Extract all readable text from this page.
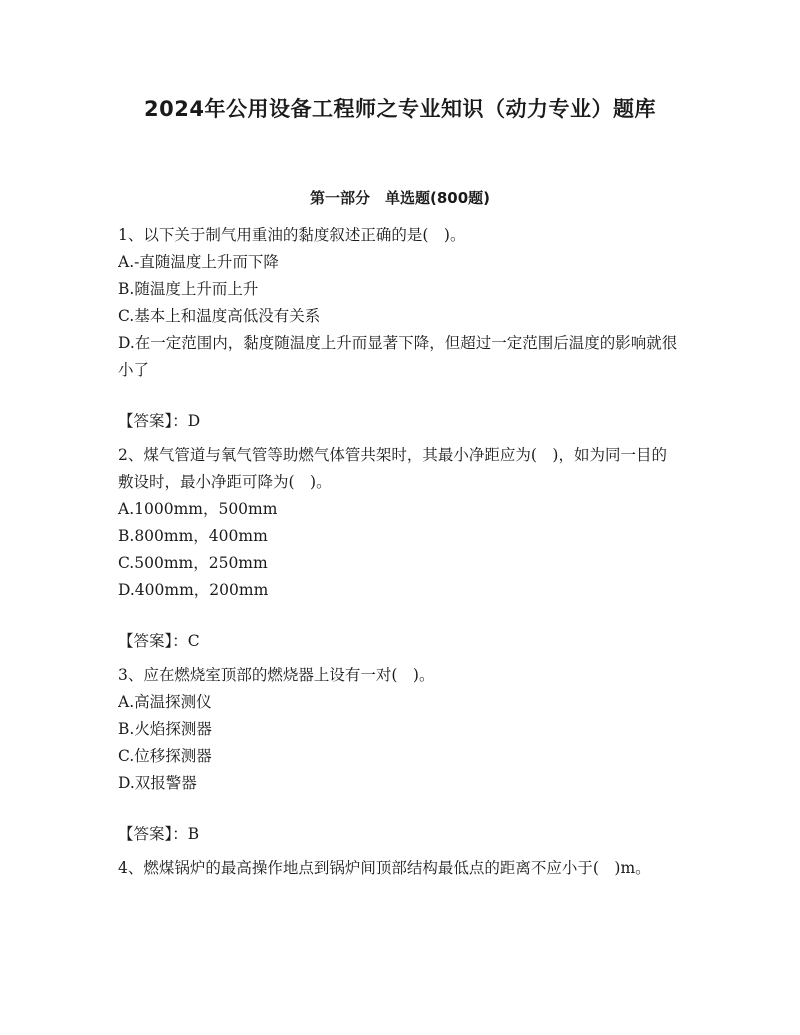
2024年公用设备工程师之专业知识（动力专业）题库
第一部分　单选题(800题)

1、以下关于制气用重油的黏度叙述正确的是(　)。

A.-直随温度上升而下降

B.随温度上升而上升

C.基本上和温度高低没有关系

D.在一定范围内，黏度随温度上升而显著下降，但超过一定范围后温度的影响就很小了

【答案】：D

2、煤气管道与氧气管等助燃气体管共架时，其最小净距应为(　)，如为同一目的敷设时，最小净距可降为(　)。

A.1000mm，500mm

B.800mm，400mm

C.500mm，250mm

D.400mm，200mm

【答案】：C

3、应在燃烧室顶部的燃烧器上设有一对(　)。

A.高温探测仪

B.火焰探测器

C.位移探测器

D.双报警器

【答案】：B

4、燃煤锅炉的最高操作地点到锅炉间顶部结构最低点的距离不应小于(　)m。
